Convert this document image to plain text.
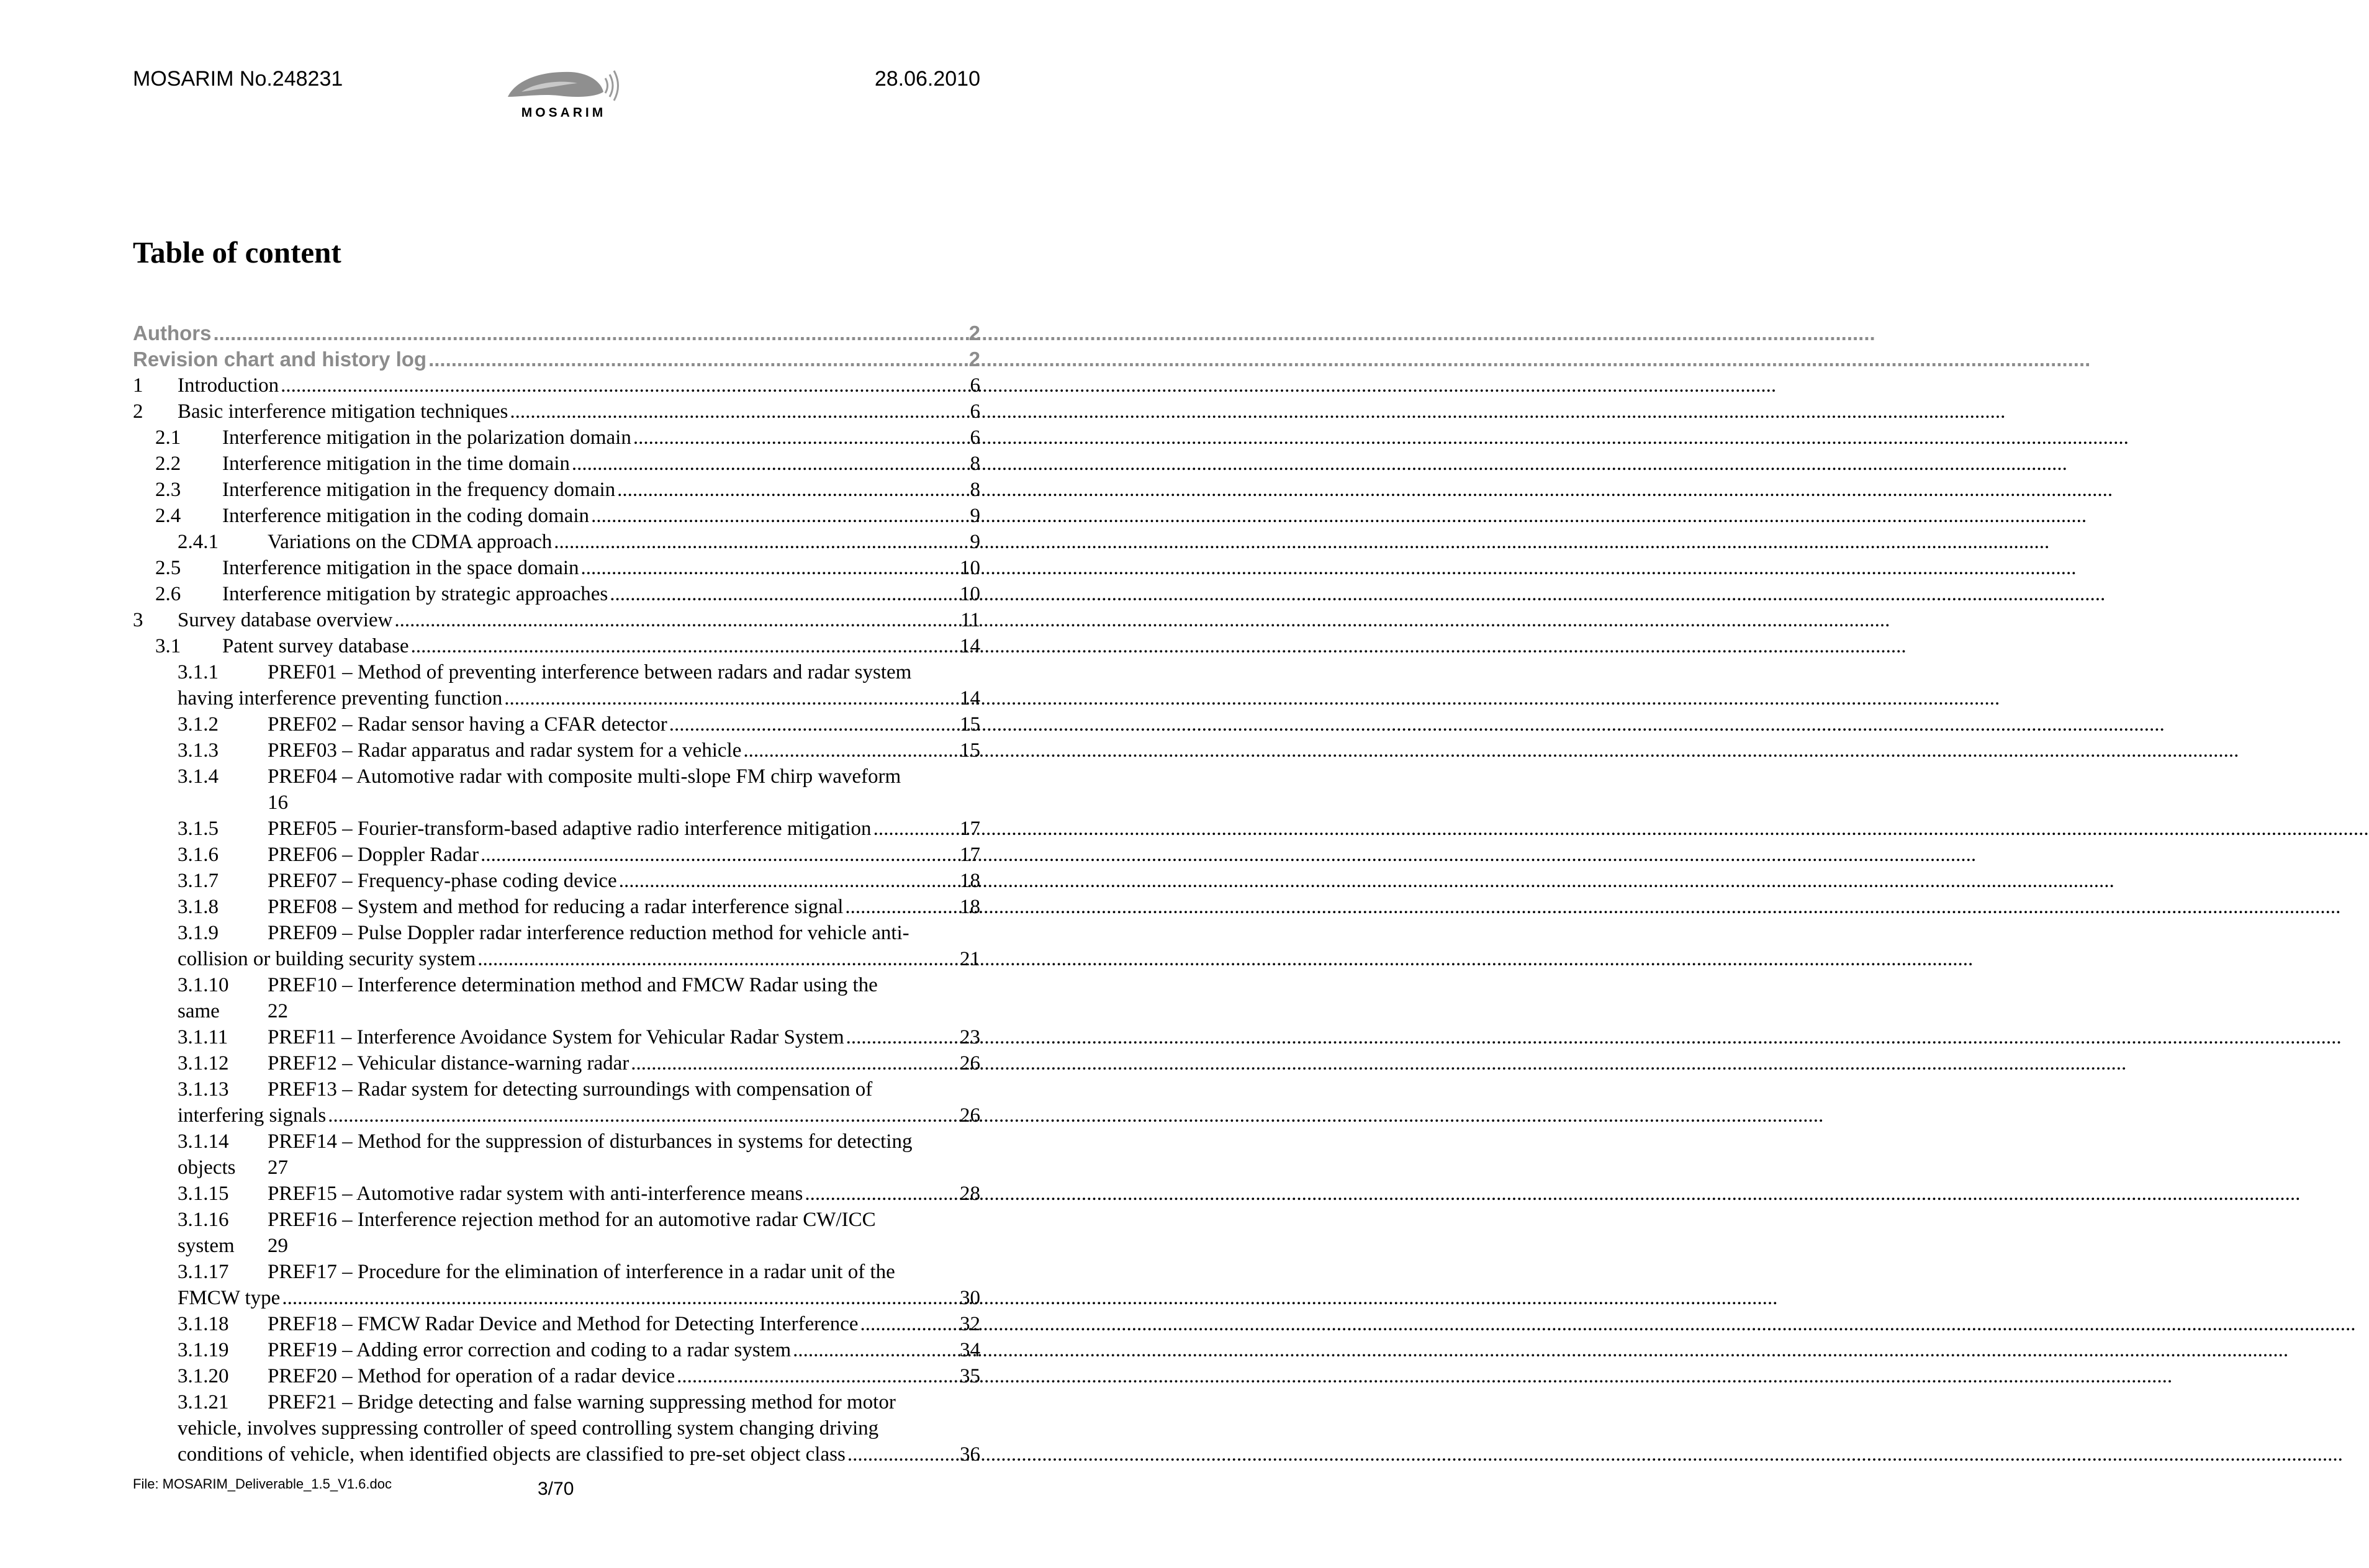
MOSARIM No.248231
MOSARIM
28.06.2010
Table of content
Authors .....	2
Revision chart and history log .....	2
1	Introduction .....	6
2	Basic interference mitigation techniques .....	6
2.1	Interference mitigation in the polarization domain .....	6
2.2	Interference mitigation in the time domain .....	8
2.3	Interference mitigation in the frequency domain .....	8
2.4	Interference mitigation in the coding domain .....	9
2.4.1	Variations on the CDMA approach .....	9
2.5	Interference mitigation in the space domain .....	10
2.6	Interference mitigation by strategic approaches .....	10
3	Survey database overview .....	11
3.1	Patent survey database .....	14
3.1.1	PREF01 – Method of preventing interference between radars and radar system
having interference preventing function .....	14
3.1.2	PREF02 – Radar sensor having a CFAR detector .....	15
3.1.3	PREF03 – Radar apparatus and radar system for a vehicle .....	15
3.1.4	PREF04 – Automotive radar with composite multi-slope FM chirp waveform
16
3.1.5	PREF05 – Fourier-transform-based adaptive radio interference mitigation .....	17
3.1.6	PREF06 – Doppler Radar .....	17
3.1.7	PREF07 – Frequency-phase coding device .....	18
3.1.8	PREF08 – System and method for reducing a radar interference signal .....	18
3.1.9	PREF09 – Pulse Doppler radar interference reduction method for vehicle anti-
collision or building security system .....	21
3.1.10	PREF10 – Interference determination method and FMCW Radar using the
same	22
3.1.11	PREF11 – Interference Avoidance System for Vehicular Radar System .....	23
3.1.12	PREF12 – Vehicular distance-warning radar .....	26
3.1.13	PREF13 – Radar system for detecting surroundings with compensation of
interfering signals .....	26
3.1.14	PREF14 – Method for the suppression of disturbances in systems for detecting
objects	27
3.1.15	PREF15 – Automotive radar system with anti-interference means .....	28
3.1.16	PREF16 – Interference rejection method for an automotive radar CW/ICC
system	29
3.1.17	PREF17 – Procedure for the elimination of interference in a radar unit of the
FMCW type .....	30
3.1.18	PREF18 – FMCW Radar Device and Method for Detecting Interference .....	32
3.1.19	PREF19 – Adding error correction and coding to a radar system .....	34
3.1.20	PREF20 – Method for operation of a radar device .....	35
3.1.21	PREF21 – Bridge detecting and false warning suppressing method for motor
vehicle, involves suppressing controller of speed controlling system changing driving
conditions of vehicle, when identified objects are classified to pre-set object class .....	36
File: MOSARIM_Deliverable_1.5_V1.6.doc	3/70
